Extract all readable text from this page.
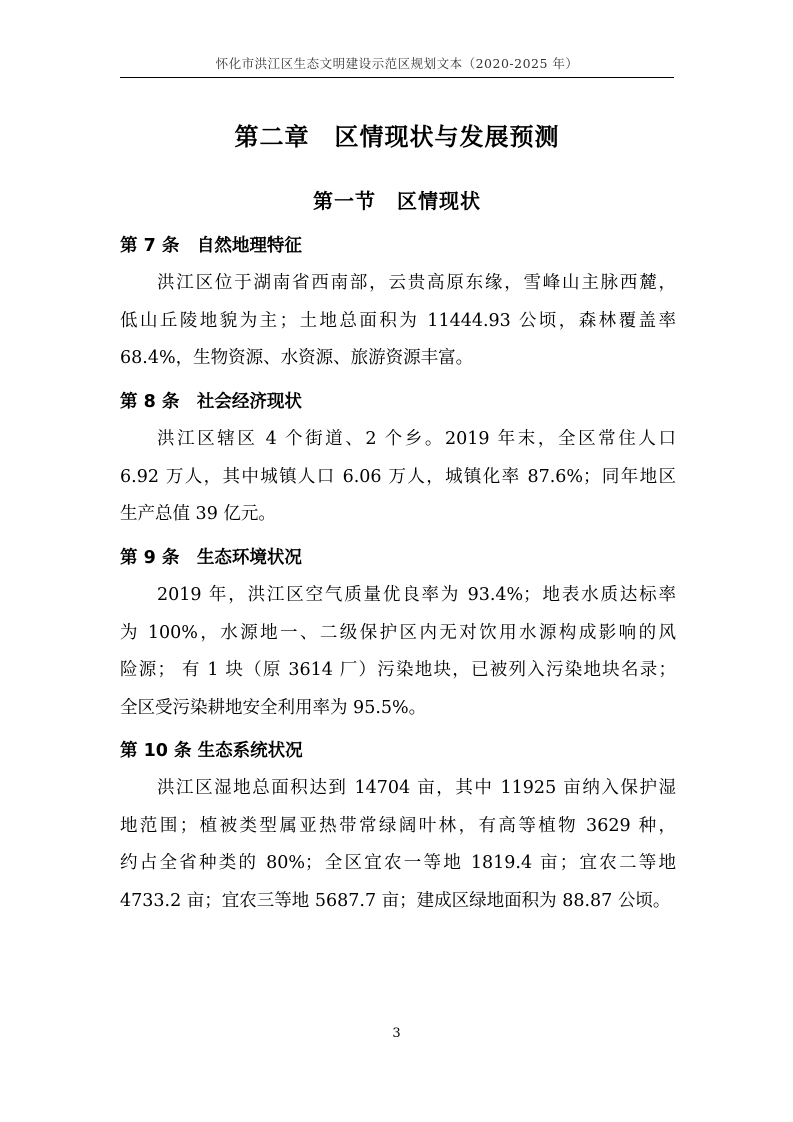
怀化市洪江区生态文明建设示范区规划文本（2020-2025 年）
第二章　区情现状与发展预测
第一节　区情现状
第 7 条　自然地理特征
洪江区位于湖南省西南部，云贵高原东缘，雪峰山主脉西麓，
低山丘陵地貌为主；土地总面积为 11444.93 公顷，森林覆盖率
68.4%，生物资源、水资源、旅游资源丰富。
第 8 条　社会经济现状
洪江区辖区 4 个街道、2 个乡。2019 年末，全区常住人口
6.92 万人，其中城镇人口 6.06 万人，城镇化率 87.6%；同年地区
生产总值 39 亿元。
第 9 条　生态环境状况
2019 年，洪江区空气质量优良率为 93.4%；地表水质达标率
为 100%，水源地一、二级保护区内无对饮用水源构成影响的风
险源； 有 1 块（原 3614 厂）污染地块，已被列入污染地块名录；
全区受污染耕地安全利用率为 95.5%。
第 10 条 生态系统状况
洪江区湿地总面积达到 14704 亩，其中 11925 亩纳入保护湿
地范围；植被类型属亚热带常绿阔叶林，有高等植物 3629 种，
约占全省种类的 80%；全区宜农一等地 1819.4 亩；宜农二等地
4733.2 亩；宜农三等地 5687.7 亩；建成区绿地面积为 88.87 公顷。
3
